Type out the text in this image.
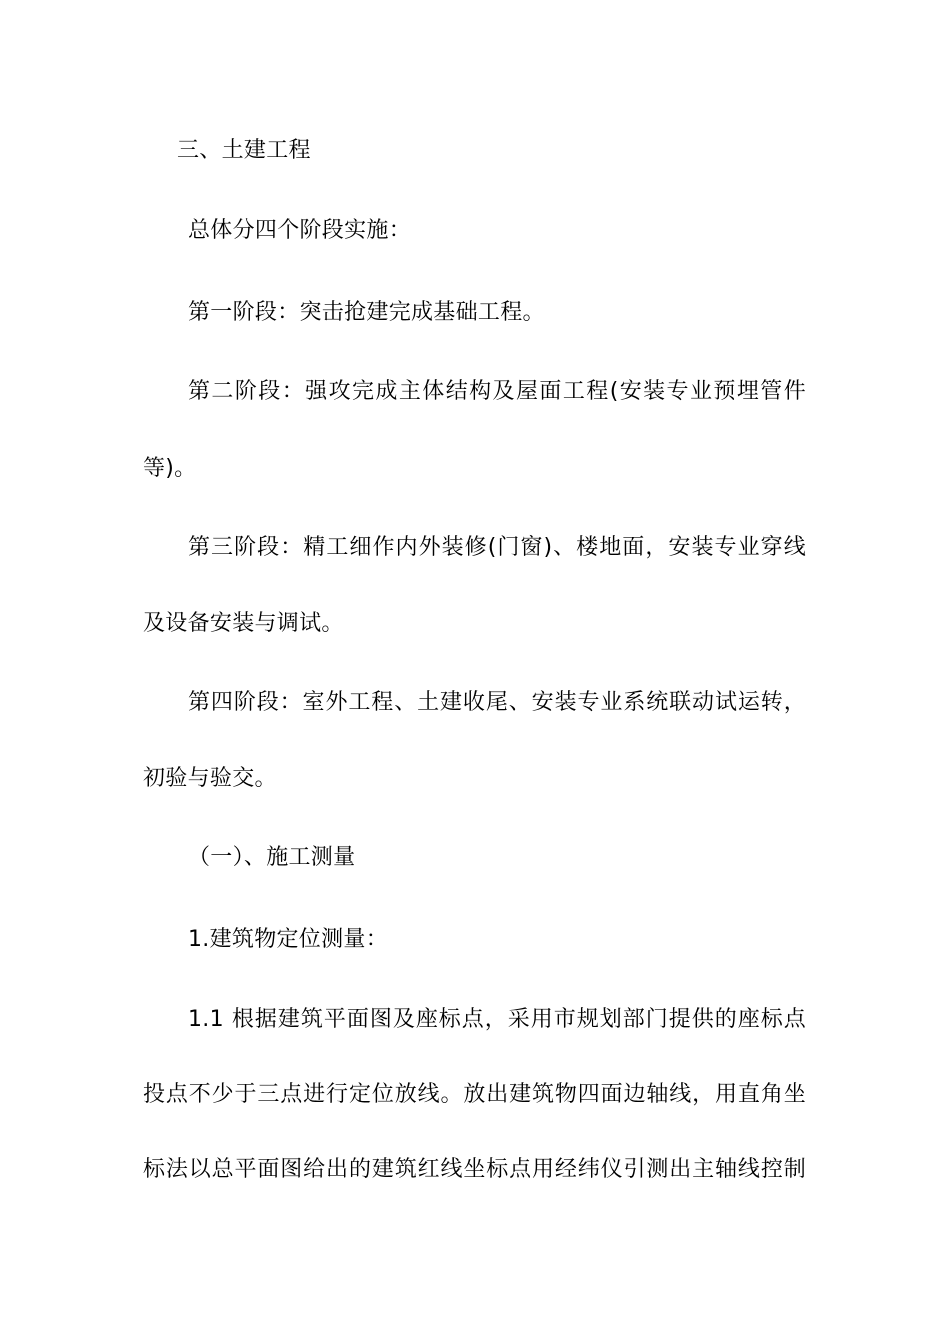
三、土建工程
总体分四个阶段实施：
第一阶段：突击抢建完成基础工程。
第二阶段：强攻完成主体结构及屋面工程(安装专业预埋管件
等)。
第三阶段：精工细作内外装修(门窗)、楼地面，安装专业穿线
及设备安装与调试。
第四阶段：室外工程、土建收尾、安装专业系统联动试运转，
初验与验交。
（一）、施工测量
1.建筑物定位测量：
1.1 根据建筑平面图及座标点，采用市规划部门提供的座标点
投点不少于三点进行定位放线。放出建筑物四面边轴线，用直角坐
标法以总平面图给出的建筑红线坐标点用经纬仪引测出主轴线控制
